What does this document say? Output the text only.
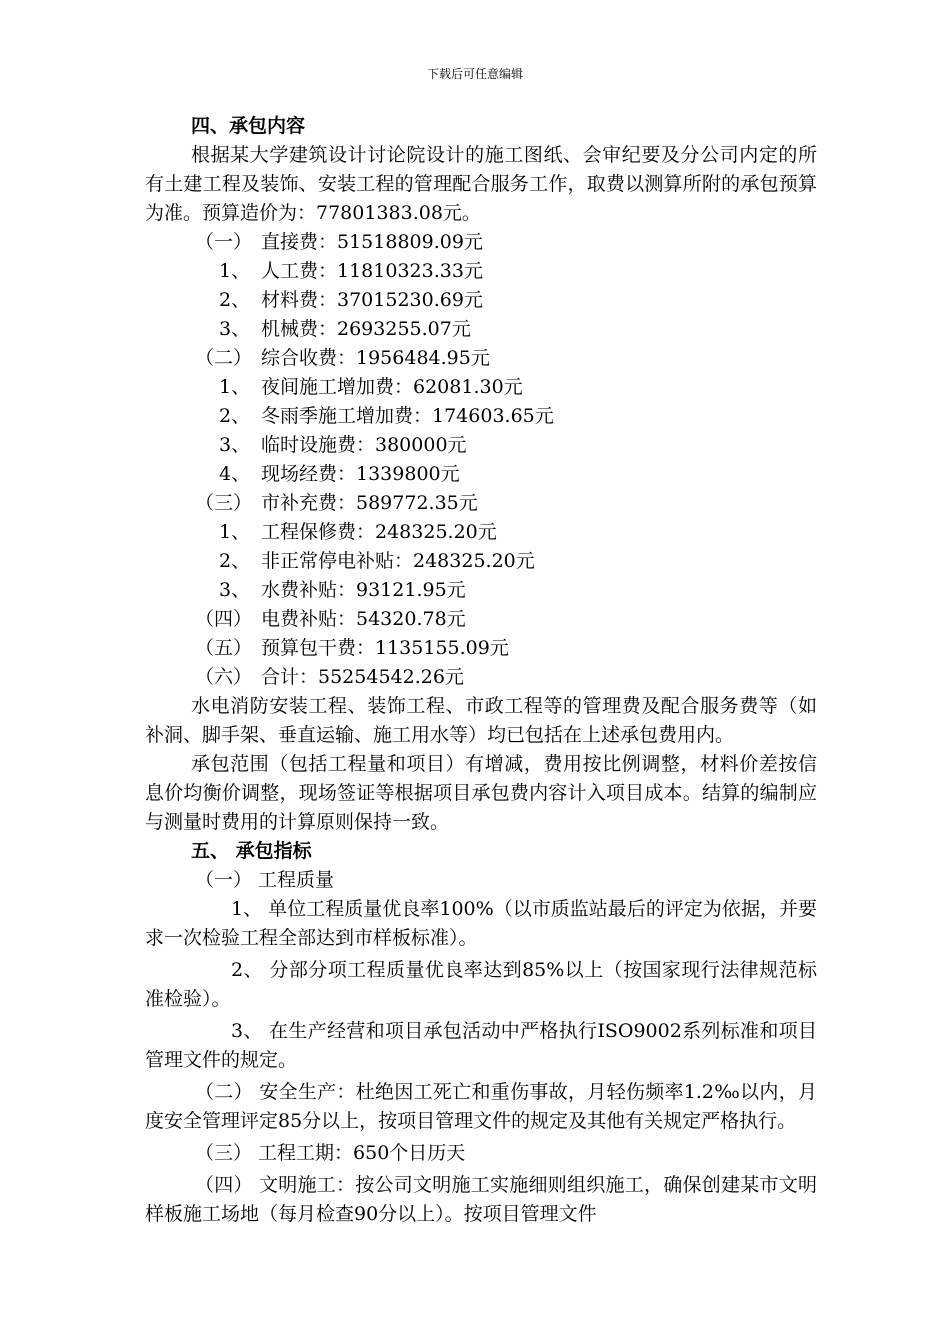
下载后可任意编辑
四、承包内容
根据某大学建筑设计讨论院设计的施工图纸、会审纪要及分公司内定的所有土建工程及装饰、安装工程的管理配合服务工作，取费以测算所附的承包预算为准。预算造价为：77801383.08元。
（一） 直接费：51518809.09元
1、 人工费：11810323.33元
2、 材料费：37015230.69元
3、 机械费：2693255.07元
（二） 综合收费：1956484.95元
1、 夜间施工增加费：62081.30元
2、 冬雨季施工增加费：174603.65元
3、 临时设施费：380000元
4、 现场经费：1339800元
（三） 市补充费：589772.35元
1、 工程保修费：248325.20元
2、 非正常停电补贴：248325.20元
3、 水费补贴：93121.95元
（四） 电费补贴：54320.78元
（五） 预算包干费：1135155.09元
（六） 合计：55254542.26元
水电消防安装工程、装饰工程、市政工程等的管理费及配合服务费等（如补洞、脚手架、垂直运输、施工用水等）均已包括在上述承包费用内。
承包范围（包括工程量和项目）有增减，费用按比例调整，材料价差按信息价均衡价调整，现场签证等根据项目承包费内容计入项目成本。结算的编制应与测量时费用的计算原则保持一致。
五、 承包指标
（一） 工程质量
1、 单位工程质量优良率100%（以市质监站最后的评定为依据，并要求一次检验工程全部达到市样板标准）。
2、 分部分项工程质量优良率达到85%以上（按国家现行法律规范标准检验）。
3、 在生产经营和项目承包活动中严格执行ISO9002系列标准和项目管理文件的规定。
（二） 安全生产：杜绝因工死亡和重伤事故，月轻伤频率1.2‰以内，月度安全管理评定85分以上，按项目管理文件的规定及其他有关规定严格执行。
（三） 工程工期：650个日历天
（四） 文明施工：按公司文明施工实施细则组织施工，确保创建某市文明样板施工场地（每月检查90分以上）。按项目管理文件
